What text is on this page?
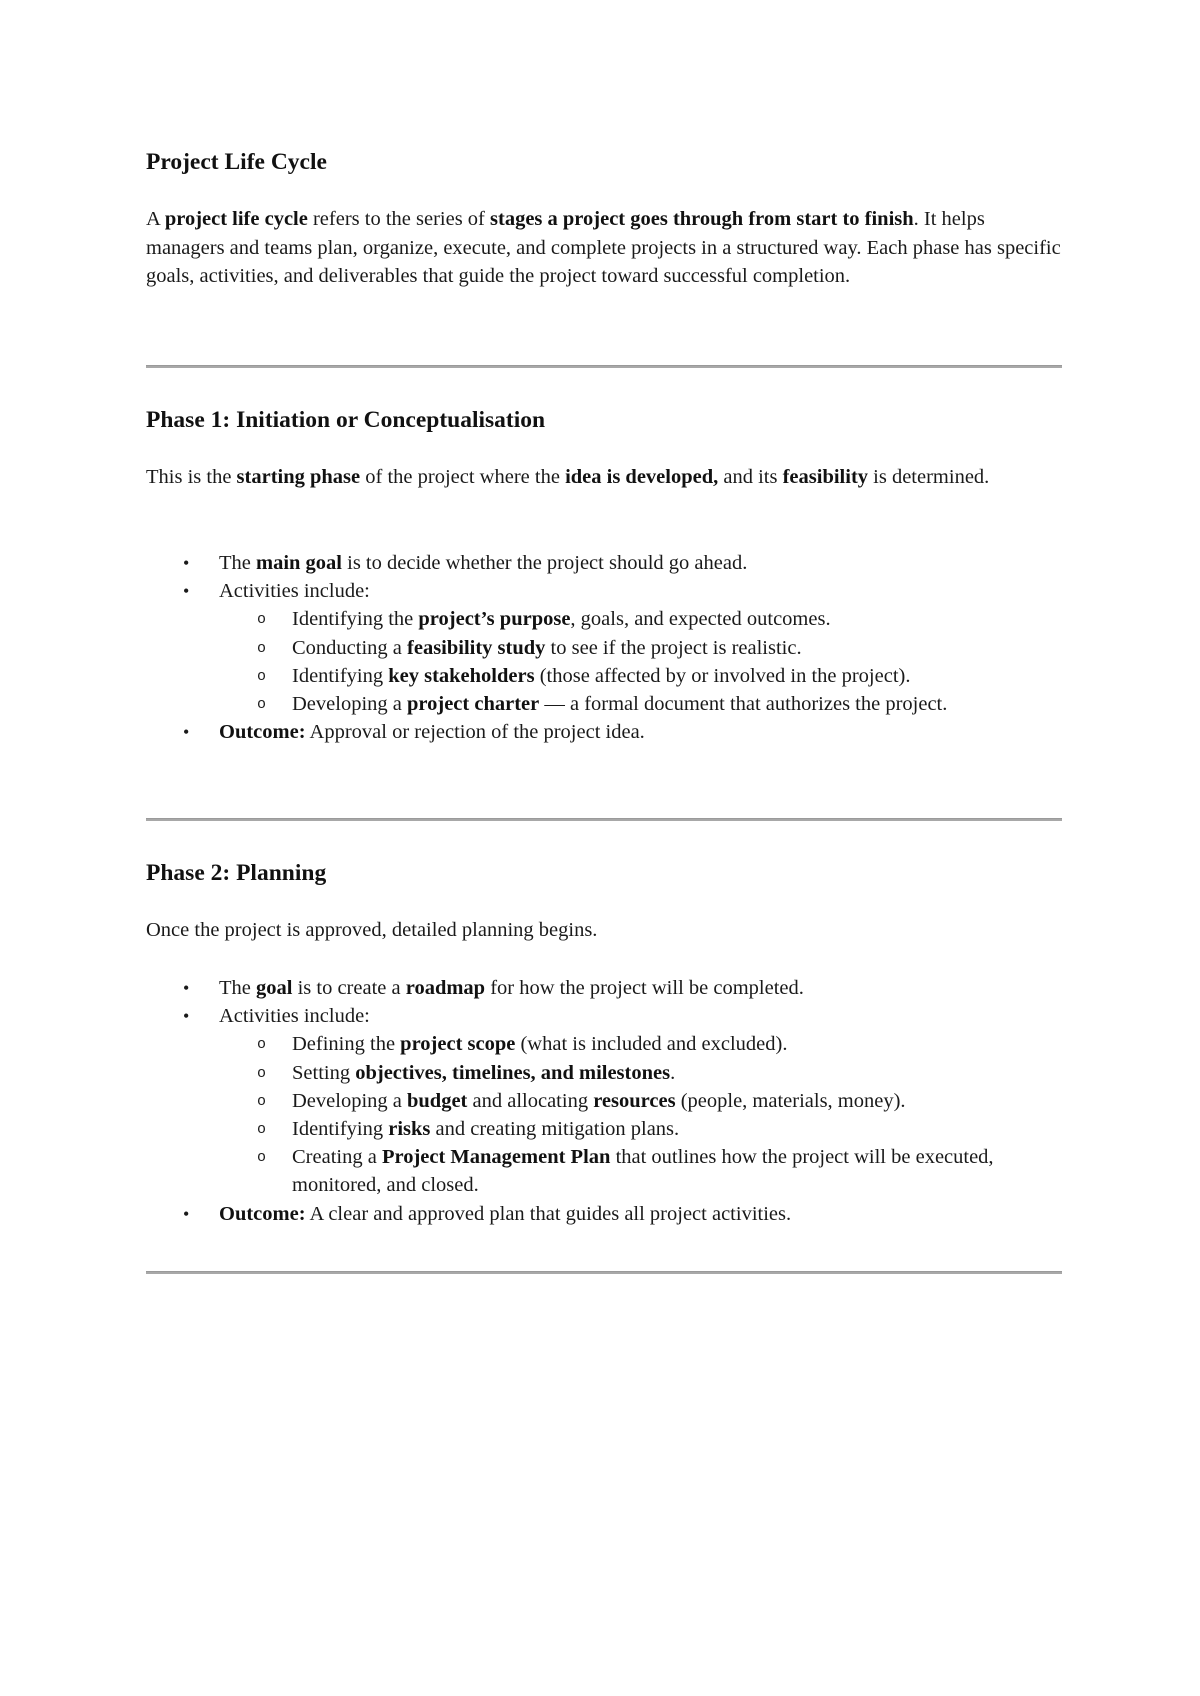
Project Life Cycle

A project life cycle refers to the series of stages a project goes through from start to finish. It helps managers and teams plan, organize, execute, and complete projects in a structured way. Each phase has specific goals, activities, and deliverables that guide the project toward successful completion.

Phase 1: Initiation or Conceptualisation

This is the starting phase of the project where the idea is developed, and its feasibility is determined.

• The main goal is to decide whether the project should go ahead.
• Activities include:
o Identifying the project’s purpose, goals, and expected outcomes.
o Conducting a feasibility study to see if the project is realistic.
o Identifying key stakeholders (those affected by or involved in the project).
o Developing a project charter — a formal document that authorizes the project.
• Outcome: Approval or rejection of the project idea.
Phase 2: Planning

Once the project is approved, detailed planning begins.

• The goal is to create a roadmap for how the project will be completed.
• Activities include:
o Defining the project scope (what is included and excluded).
o Setting objectives, timelines, and milestones.
o Developing a budget and allocating resources (people, materials, money).
o Identifying risks and creating mitigation plans.
o Creating a Project Management Plan that outlines how the project will be executed, monitored, and closed.
• Outcome: A clear and approved plan that guides all project activities.
